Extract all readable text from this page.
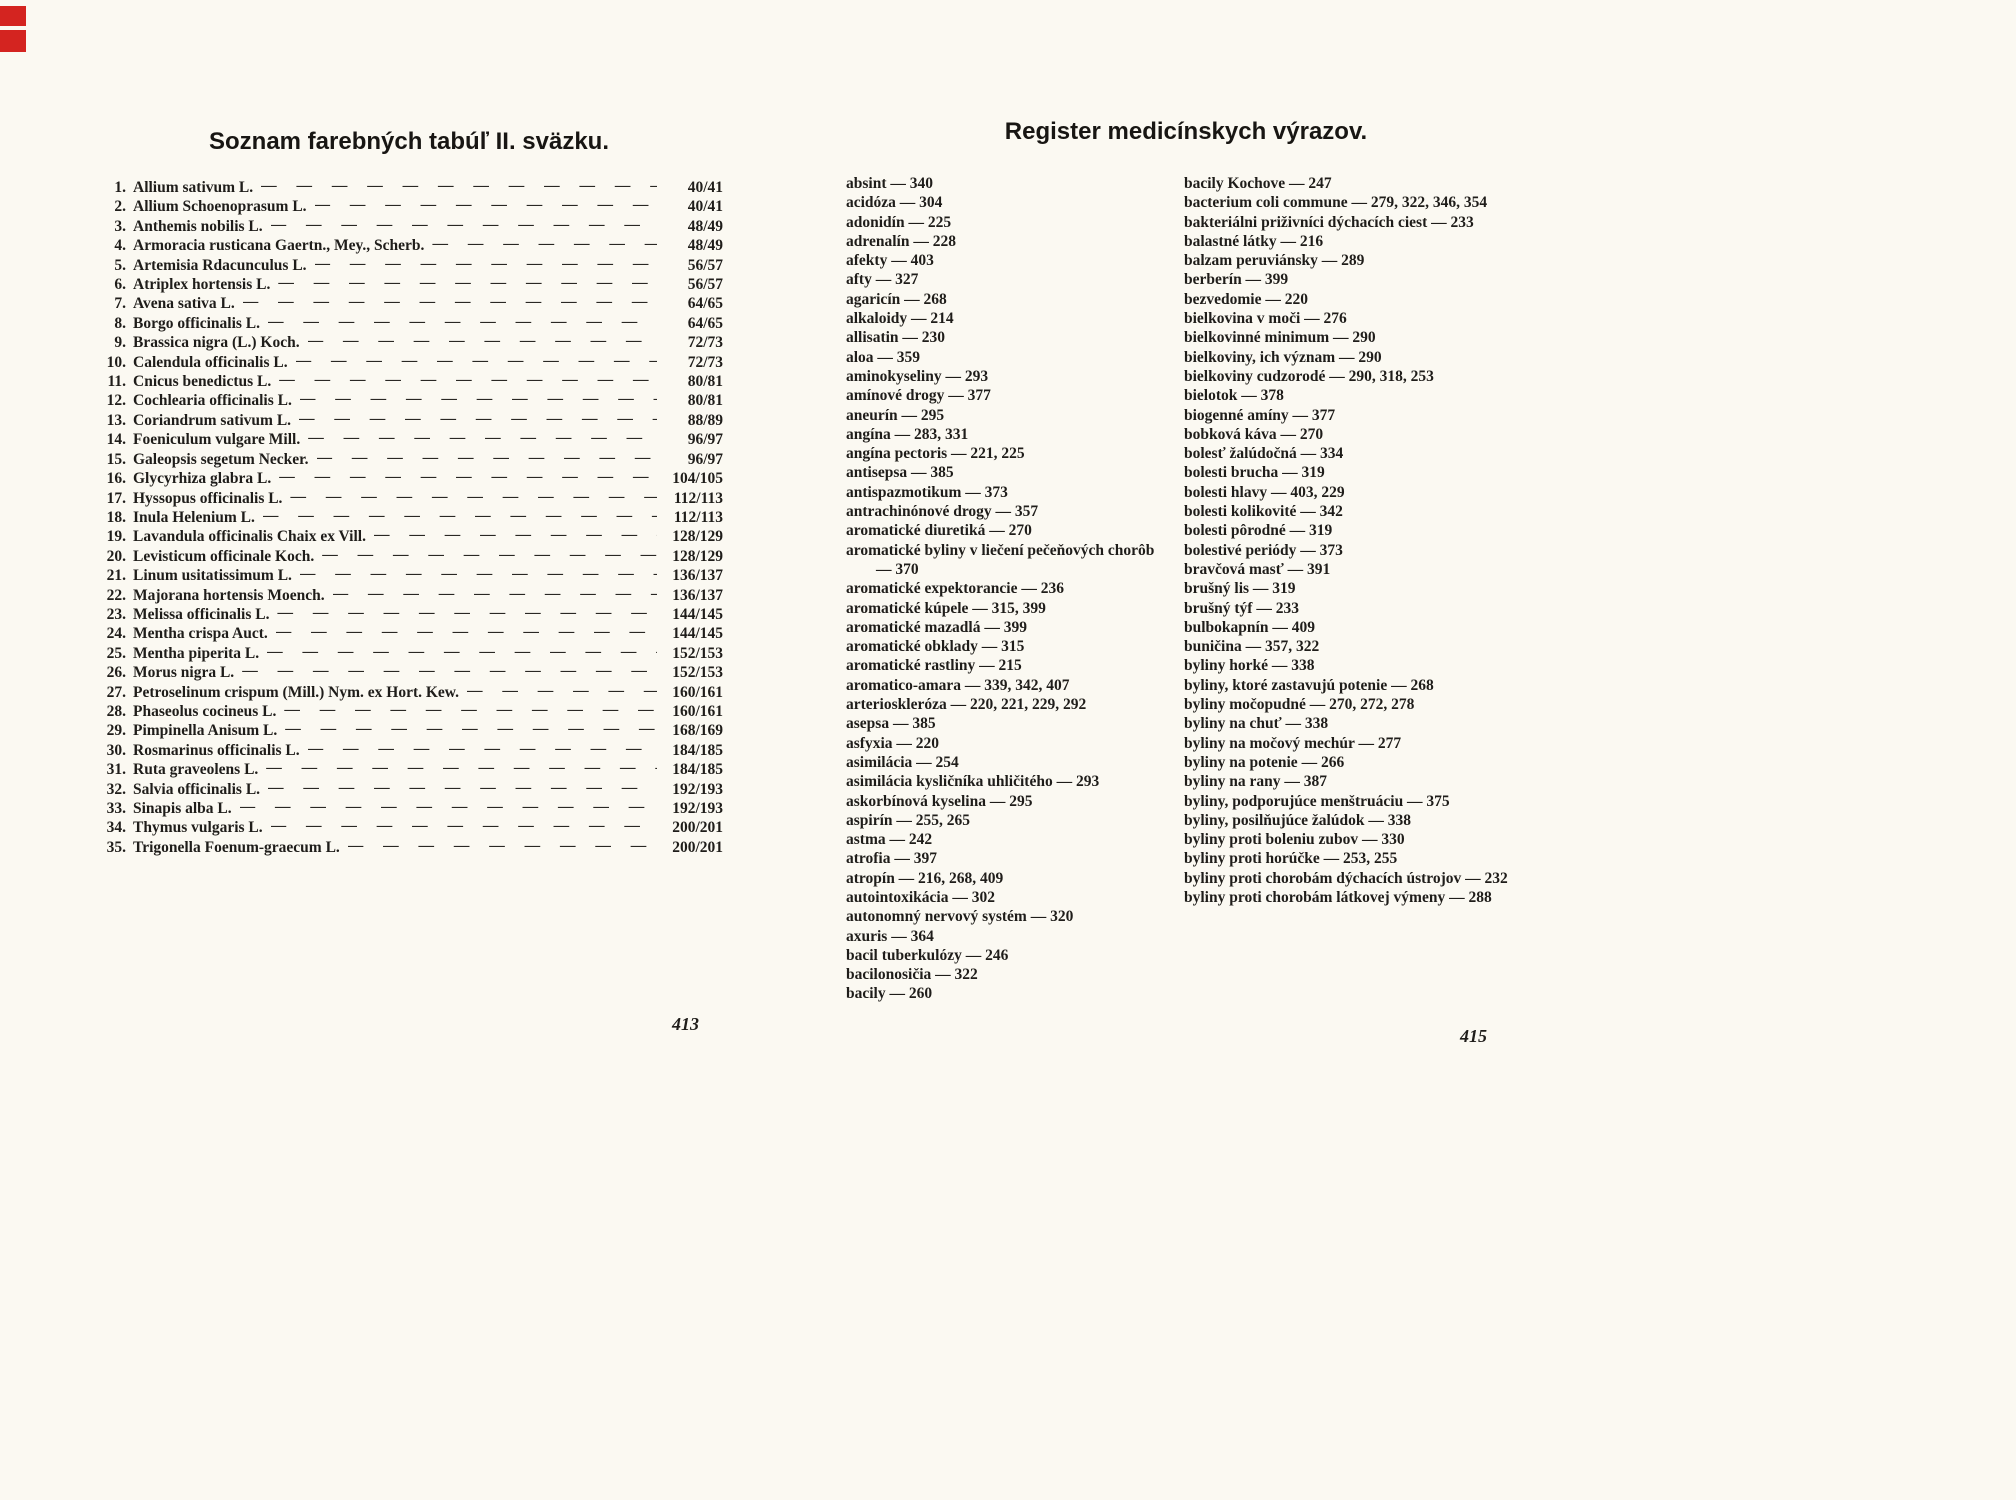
Soznam farebných tabúľ II. sväzku.
1. Allium sativum L. — — —	40/41
2. Allium Schoenoprasum L. — — —	40/41
3. Anthemis nobilis L. — — —	48/49
4. Armoracia rusticana Gaertn., Mey., Scherb. — — —	48/49
5. Artemisia Rdacunculus L. — — —	56/57
6. Atriplex hortensis L. — — —	56/57
7. Avena sativa L. — — —	64/65
8. Borgo officinalis L. — — —	64/65
9. Brassica nigra (L.) Koch. — — —	72/73
10. Calendula officinalis L. — — —	72/73
11. Cnicus benedictus L. — — —	80/81
12. Cochlearia officinalis L. — — —	80/81
13. Coriandrum sativum L. — — —	88/89
14. Foeniculum vulgare Mill. — — —	96/97
15. Galeopsis segetum Necker. — — —	96/97
16. Glycyrhiza glabra L. — — —	104/105
17. Hyssopus officinalis L. — — —	112/113
18. Inula Helenium L. — — —	112/113
19. Lavandula officinalis Chaix ex Vill. — — —	128/129
20. Levisticum officinale Koch. — — —	128/129
21. Linum usitatissimum L. — — —	136/137
22. Majorana hortensis Moench. — — —	136/137
23. Melissa officinalis L. — — —	144/145
24. Mentha crispa Auct. — — —	144/145
25. Mentha piperita L. — — —	152/153
26. Morus nigra L. — — —	152/153
27. Petroselinum crispum (Mill.) Nym. ex Hort. Kew. — — —	160/161
28. Phaseolus cocineus L. — — —	160/161
29. Pimpinella Anisum L. — — —	168/169
30. Rosmarinus officinalis L. — — —	184/185
31. Ruta graveolens L. — — —	184/185
32. Salvia officinalis L. — — —	192/193
33. Sinapis alba L. — — —	192/193
34. Thymus vulgaris L. — — —	200/201
35. Trigonella Foenum-graecum L. — — —	200/201
Register medicínskych výrazov.
absint — 340
acidóza — 304
adonidín — 225
adrenalín — 228
afekty — 403
afty — 327
agaricín — 268
alkaloidy — 214
allisatin — 230
aloa — 359
aminokyseliny — 293
amínové drogy — 377
aneurín — 295
angína — 283, 331
angína pectoris — 221, 225
antisepsa — 385
antispazmotikum — 373
antrachinónové drogy — 357
aromatické diuretiká — 270
aromatické byliny v liečení pečeňových chorôb — 370
aromatické expektorancie — 236
aromatické kúpele — 315, 399
aromatické mazadlá — 399
aromatické obklady — 315
aromatické rastliny — 215
aromatico-amara — 339, 342, 407
arterioskleróza — 220, 221, 229, 292
asepsa — 385
asfyxia — 220
asimilácia — 254
asimilácia kysličníka uhličitého — 293
askorbínová kyselina — 295
aspirín — 255, 265
astma — 242
atrofia — 397
atropín — 216, 268, 409
autointoxikácia — 302
autonomný nervový systém — 320
axuris — 364
bacil tuberkulózy — 246
bacilonosičia — 322
bacily — 260
bacily Kochove — 247
bacterium coli commune — 279, 322, 346, 354
bakteriálni priživníci dýchacích ciest — 233
balastné látky — 216
balzam peruviánsky — 289
berberín — 399
bezvedomie — 220
bielkovina v moči — 276
bielkovinné minimum — 290
bielkoviny, ich význam — 290
bielkoviny cudzorodé — 290, 318, 253
bielotok — 378
biogenné amíny — 377
bobková káva — 270
bolesť žalúdočná — 334
bolesti brucha — 319
bolesti hlavy — 403, 229
bolesti kolikovité — 342
bolesti pôrodné — 319
bolestivé periódy — 373
bravčová masť — 391
brušný lis — 319
brušný týf — 233
bulbokapnín — 409
buničina — 357, 322
byliny horké — 338
byliny, ktoré zastavujú potenie — 268
byliny močopudné — 270, 272, 278
byliny na chuť — 338
byliny na močový mechúr — 277
byliny na potenie — 266
byliny na rany — 387
byliny, podporujúce menštruáciu — 375
byliny, posilňujúce žalúdok — 338
byliny proti boleniu zubov — 330
byliny proti horúčke — 253, 255
byliny proti chorobám dýchacích ústrojov — 232
byliny proti chorobám látkovej výmeny — 288
413
415
